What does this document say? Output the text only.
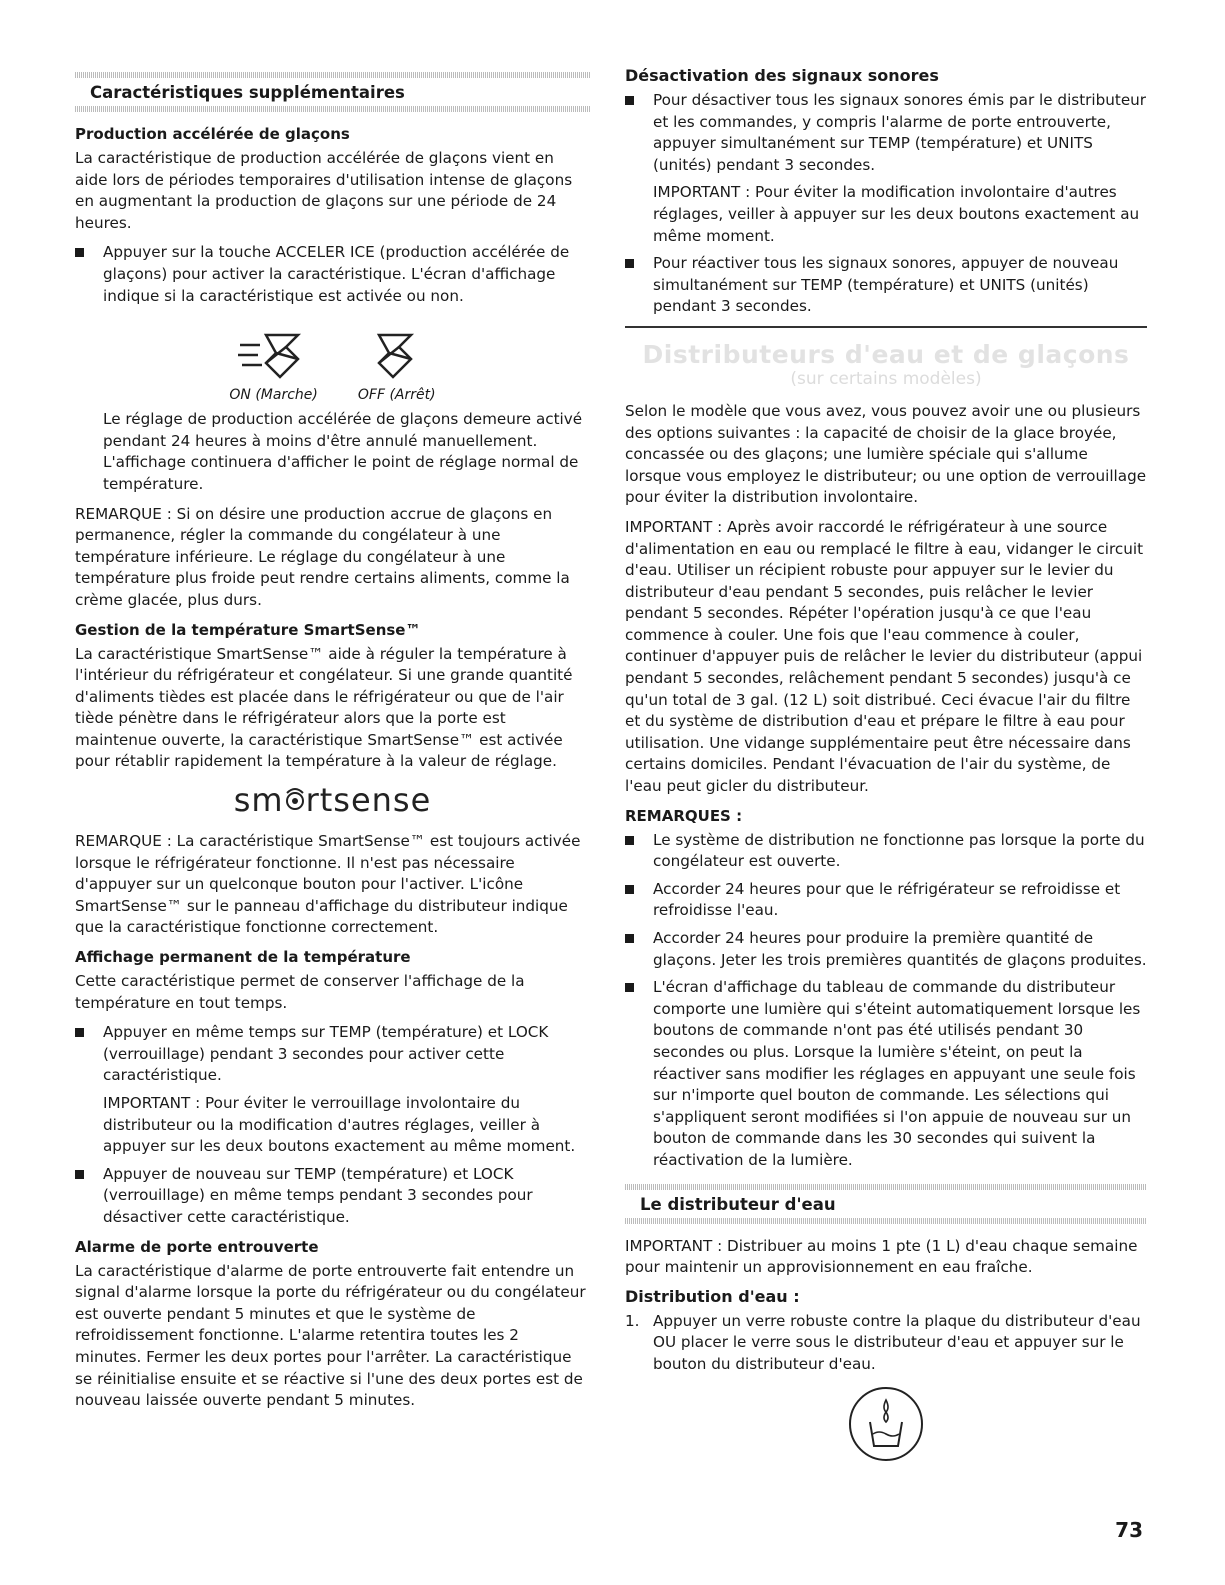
Caractéristiques supplémentaires
Production accélérée de glaçons

La caractéristique de production accélérée de glaçons vient en aide lors de périodes temporaires d'utilisation intense de glaçons en augmentant la production de glaçons sur une période de 24 heures.

Appuyer sur la touche ACCELER ICE (production accélérée de glaçons) pour activer la caractéristique. L'écran d'affichage indique si la caractéristique est activée ou non.
ON (Marche)	OFF (Arrêt)

Le réglage de production accélérée de glaçons demeure activé pendant 24 heures à moins d'être annulé manuellement. L'affichage continuera d'afficher le point de réglage normal de température.

REMARQUE : Si on désire une production accrue de glaçons en permanence, régler la commande du congélateur à une température inférieure. Le réglage du congélateur à une température plus froide peut rendre certains aliments, comme la crème glacée, plus durs.

Gestion de la température SmartSense™

La caractéristique SmartSense™ aide à réguler la température à l'intérieur du réfrigérateur et congélateur. Si une grande quantité d'aliments tièdes est placée dans le réfrigérateur ou que de l'air tiède pénètre dans le réfrigérateur alors que la porte est maintenue ouverte, la caractéristique SmartSense™ est activée pour rétablir rapidement la température à la valeur de réglage.

sm rtsense

REMARQUE : La caractéristique SmartSense™ est toujours activée lorsque le réfrigérateur fonctionne. Il n'est pas nécessaire d'appuyer sur un quelconque bouton pour l'activer. L'icône SmartSense™ sur le panneau d'affichage du distributeur indique que la caractéristique fonctionne correctement.

Affichage permanent de la température

Cette caractéristique permet de conserver l'affichage de la température en tout temps.

Appuyer en même temps sur TEMP (température) et LOCK (verrouillage) pendant 3 secondes pour activer cette caractéristique.

IMPORTANT : Pour éviter le verrouillage involontaire du distributeur ou la modification d'autres réglages, veiller à appuyer sur les deux boutons exactement au même moment.

Appuyer de nouveau sur TEMP (température) et LOCK (verrouillage) en même temps pendant 3 secondes pour désactiver cette caractéristique.
Alarme de porte entrouverte

La caractéristique d'alarme de porte entrouverte fait entendre un signal d'alarme lorsque la porte du réfrigérateur ou du congélateur est ouverte pendant 5 minutes et que le système de refroidissement fonctionne. L'alarme retentira toutes les 2 minutes. Fermer les deux portes pour l'arrêter. La caractéristique se réinitialise ensuite et se réactive si l'une des deux portes est de nouveau laissée ouverte pendant 5 minutes.

Désactivation des signaux sonores

Pour désactiver tous les signaux sonores émis par le distributeur et les commandes, y compris l'alarme de porte entrouverte, appuyer simultanément sur TEMP (température) et UNITS (unités) pendant 3 secondes.

IMPORTANT : Pour éviter la modification involontaire d'autres réglages, veiller à appuyer sur les deux boutons exactement au même moment.

Pour réactiver tous les signaux sonores, appuyer de nouveau simultanément sur TEMP (température) et UNITS (unités) pendant 3 secondes.
Distributeurs d'eau et de glaçons
(sur certains modèles)

Selon le modèle que vous avez, vous pouvez avoir une ou plusieurs des options suivantes : la capacité de choisir de la glace broyée, concassée ou des glaçons; une lumière spéciale qui s'allume lorsque vous employez le distributeur; ou une option de verrouillage pour éviter la distribution involontaire.

IMPORTANT : Après avoir raccordé le réfrigérateur à une source d'alimentation en eau ou remplacé le filtre à eau, vidanger le circuit d'eau. Utiliser un récipient robuste pour appuyer sur le levier du distributeur d'eau pendant 5 secondes, puis relâcher le levier pendant 5 secondes. Répéter l'opération jusqu'à ce que l'eau commence à couler. Une fois que l'eau commence à couler, continuer d'appuyer puis de relâcher le levier du distributeur (appui pendant 5 secondes, relâchement pendant 5 secondes) jusqu'à ce qu'un total de 3 gal. (12 L) soit distribué. Ceci évacue l'air du filtre et du système de distribution d'eau et prépare le filtre à eau pour utilisation. Une vidange supplémentaire peut être nécessaire dans certains domiciles. Pendant l'évacuation de l'air du système, de l'eau peut gicler du distributeur.

REMARQUES :
Le système de distribution ne fonctionne pas lorsque la porte du congélateur est ouverte.
Accorder 24 heures pour que le réfrigérateur se refroidisse et refroidisse l'eau.
Accorder 24 heures pour produire la première quantité de glaçons. Jeter les trois premières quantités de glaçons produites.
L'écran d'affichage du tableau de commande du distributeur comporte une lumière qui s'éteint automatiquement lorsque les boutons de commande n'ont pas été utilisés pendant 30 secondes ou plus. Lorsque la lumière s'éteint, on peut la réactiver sans modifier les réglages en appuyant une seule fois sur n'importe quel bouton de commande. Les sélections qui s'appliquent seront modifiées si l'on appuie de nouveau sur un bouton de commande dans les 30 secondes qui suivent la réactivation de la lumière.
Le distributeur d'eau

IMPORTANT : Distribuer au moins 1 pte (1 L) d'eau chaque semaine pour maintenir un approvisionnement en eau fraîche.

Distribution d'eau :
1. Appuyer un verre robuste contre la plaque du distributeur d'eau OU placer le verre sous le distributeur d'eau et appuyer sur le bouton du distributeur d'eau.
73
